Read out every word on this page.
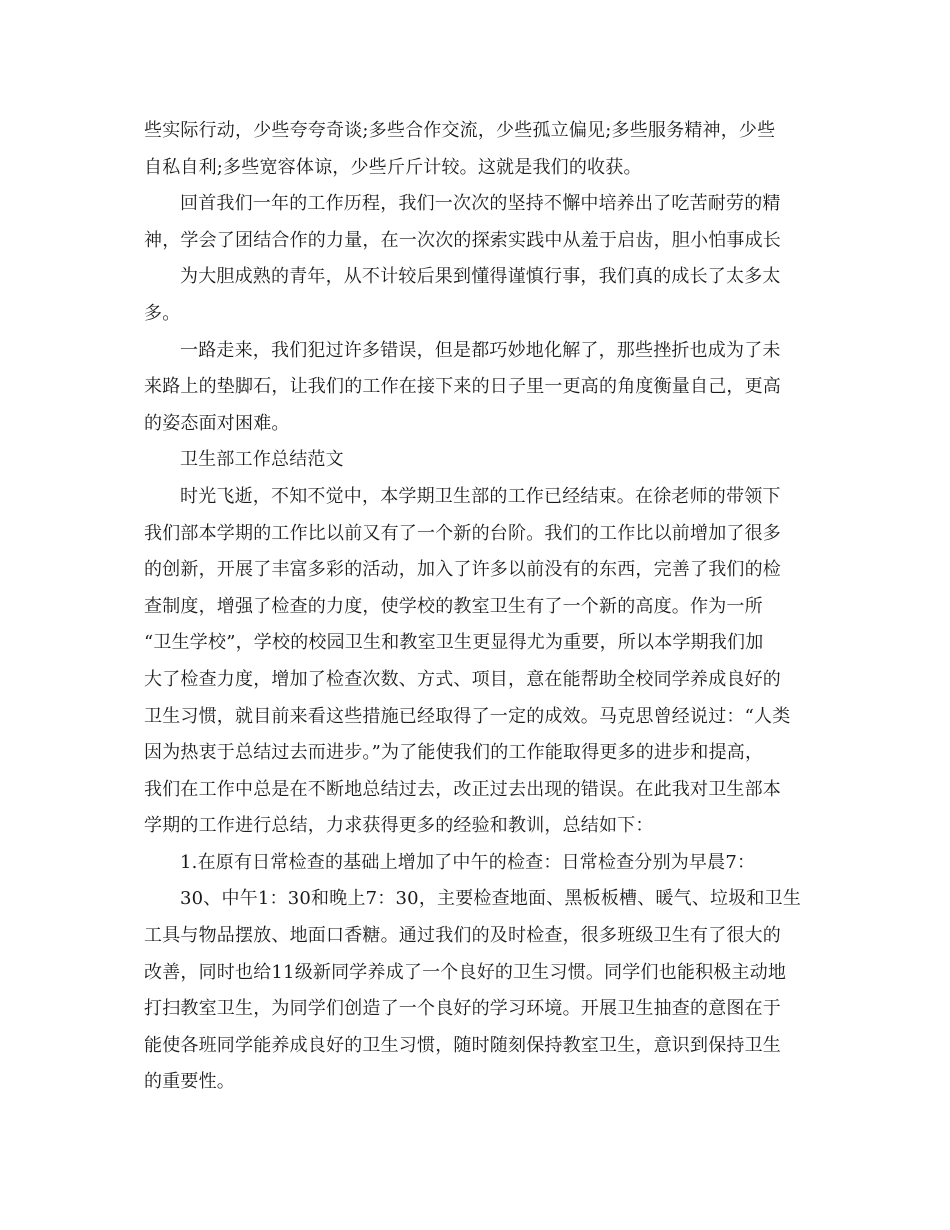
些实际行动，少些夸夸奇谈;多些合作交流，少些孤立偏见;多些服务精神，少些
自私自利;多些宽容体谅，少些斤斤计较。这就是我们的收获。
回首我们一年的工作历程，我们一次次的坚持不懈中培养出了吃苦耐劳的精
神，学会了团结合作的力量，在一次次的探索实践中从羞于启齿，胆小怕事成长
为大胆成熟的青年，从不计较后果到懂得谨慎行事，我们真的成长了太多太
多。
一路走来，我们犯过许多错误，但是都巧妙地化解了，那些挫折也成为了未
来路上的垫脚石，让我们的工作在接下来的日子里一更高的角度衡量自己，更高
的姿态面对困难。
卫生部工作总结范文
时光飞逝，不知不觉中，本学期卫生部的工作已经结束。在徐老师的带领下
我们部本学期的工作比以前又有了一个新的台阶。我们的工作比以前增加了很多
的创新，开展了丰富多彩的活动，加入了许多以前没有的东西，完善了我们的检
查制度，增强了检查的力度，使学校的教室卫生有了一个新的高度。作为一所
“卫生学校”，学校的校园卫生和教室卫生更显得尤为重要，所以本学期我们加
大了检查力度，增加了检查次数、方式、项目，意在能帮助全校同学养成良好的
卫生习惯，就目前来看这些措施已经取得了一定的成效。马克思曾经说过：“人类
因为热衷于总结过去而进步。”为了能使我们的工作能取得更多的进步和提高，
我们在工作中总是在不断地总结过去，改正过去出现的错误。在此我对卫生部本
学期的工作进行总结，力求获得更多的经验和教训，总结如下：
1.在原有日常检查的基础上增加了中午的检查：日常检查分别为早晨7：
30、中午1：30和晚上7：30，主要检查地面、黑板板槽、暖气、垃圾和卫生
工具与物品摆放、地面口香糖。通过我们的及时检查，很多班级卫生有了很大的
改善，同时也给11级新同学养成了一个良好的卫生习惯。同学们也能积极主动地
打扫教室卫生，为同学们创造了一个良好的学习环境。开展卫生抽查的意图在于
能使各班同学能养成良好的卫生习惯，随时随刻保持教室卫生，意识到保持卫生
的重要性。
